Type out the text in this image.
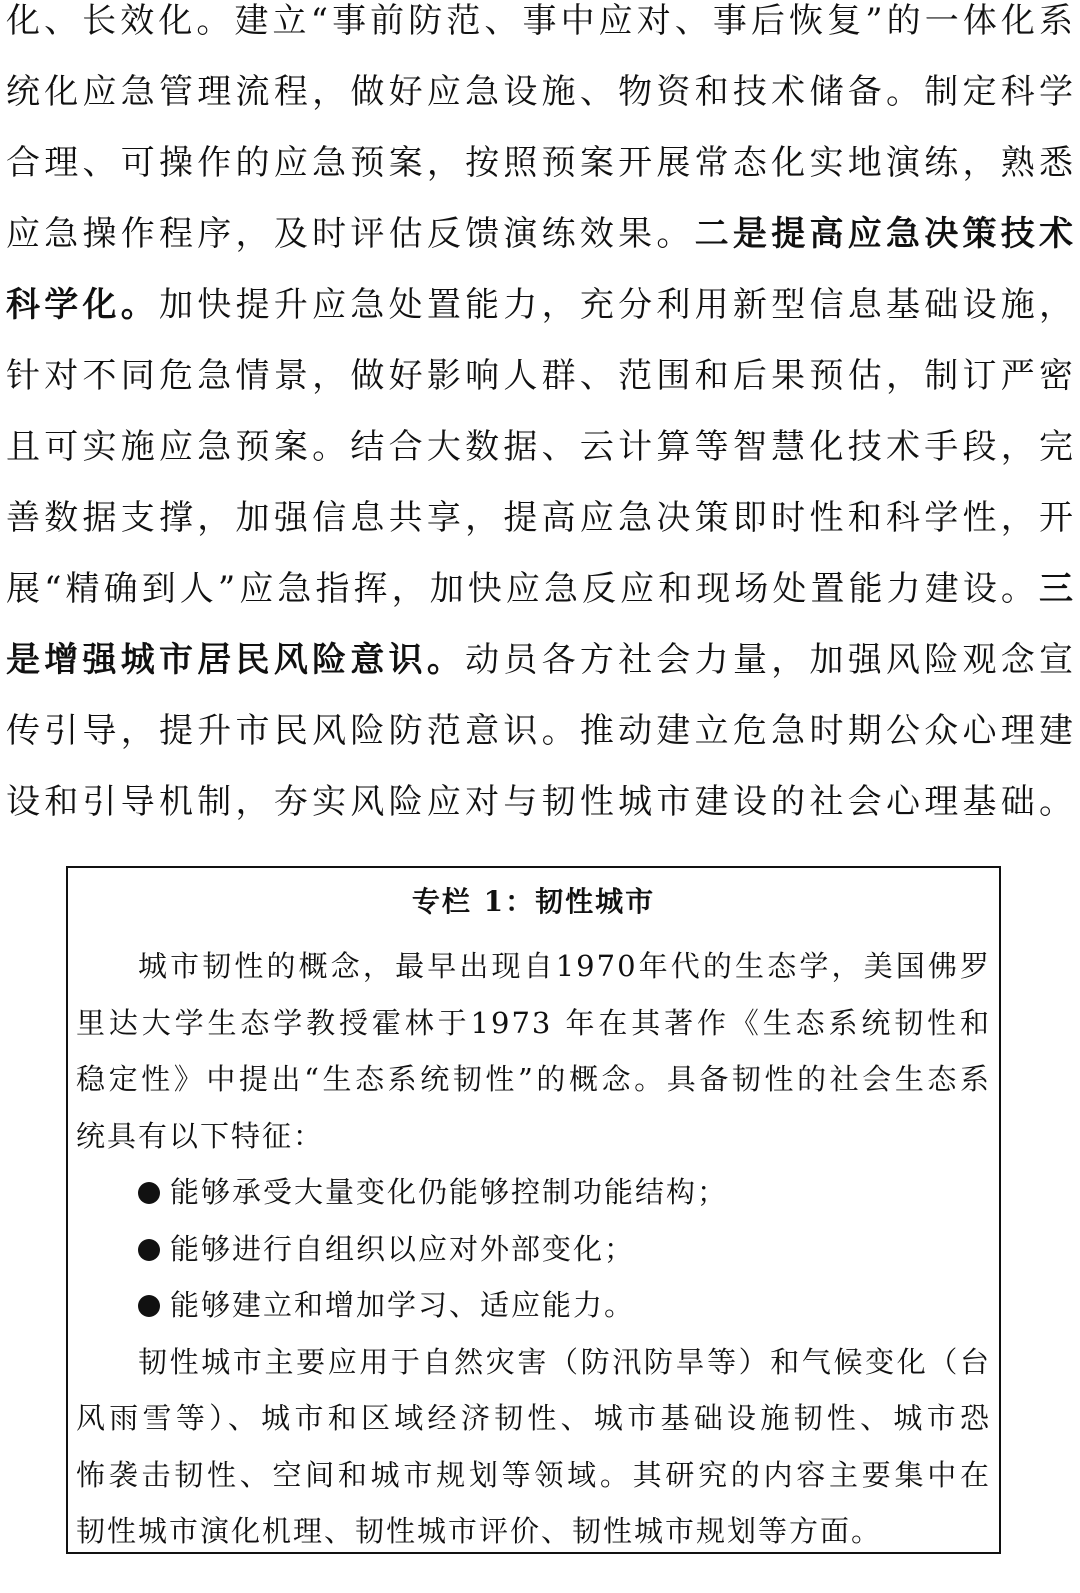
化、长效化。建立“事前防范、事中应对、事后恢复”的一体化系
统化应急管理流程，做好应急设施、物资和技术储备。制定科学
合理、可操作的应急预案，按照预案开展常态化实地演练，熟悉
应急操作程序，及时评估反馈演练效果。二是提高应急决策技术
科学化。加快提升应急处置能力，充分利用新型信息基础设施，
针对不同危急情景，做好影响人群、范围和后果预估，制订严密
且可实施应急预案。结合大数据、云计算等智慧化技术手段，完
善数据支撑，加强信息共享，提高应急决策即时性和科学性，开
展“精确到人”应急指挥，加快应急反应和现场处置能力建设。三
是增强城市居民风险意识。动员各方社会力量，加强风险观念宣
传引导，提升市民风险防范意识。推动建立危急时期公众心理建
设和引导机制，夯实风险应对与韧性城市建设的社会心理基础。
专栏 1：韧性城市
城市韧性的概念，最早出现自1970年代的生态学，美国佛罗
里达大学生态学教授霍林于1973 年在其著作《生态系统韧性和
稳定性》中提出“生态系统韧性”的概念。具备韧性的社会生态系
统具有以下特征：
能够承受大量变化仍能够控制功能结构；
能够进行自组织以应对外部变化；
能够建立和增加学习、适应能力。
韧性城市主要应用于自然灾害（防汛防旱等）和气候变化（台
风雨雪等）、城市和区域经济韧性、城市基础设施韧性、城市恐
怖袭击韧性、空间和城市规划等领域。其研究的内容主要集中在
韧性城市演化机理、韧性城市评价、韧性城市规划等方面。
